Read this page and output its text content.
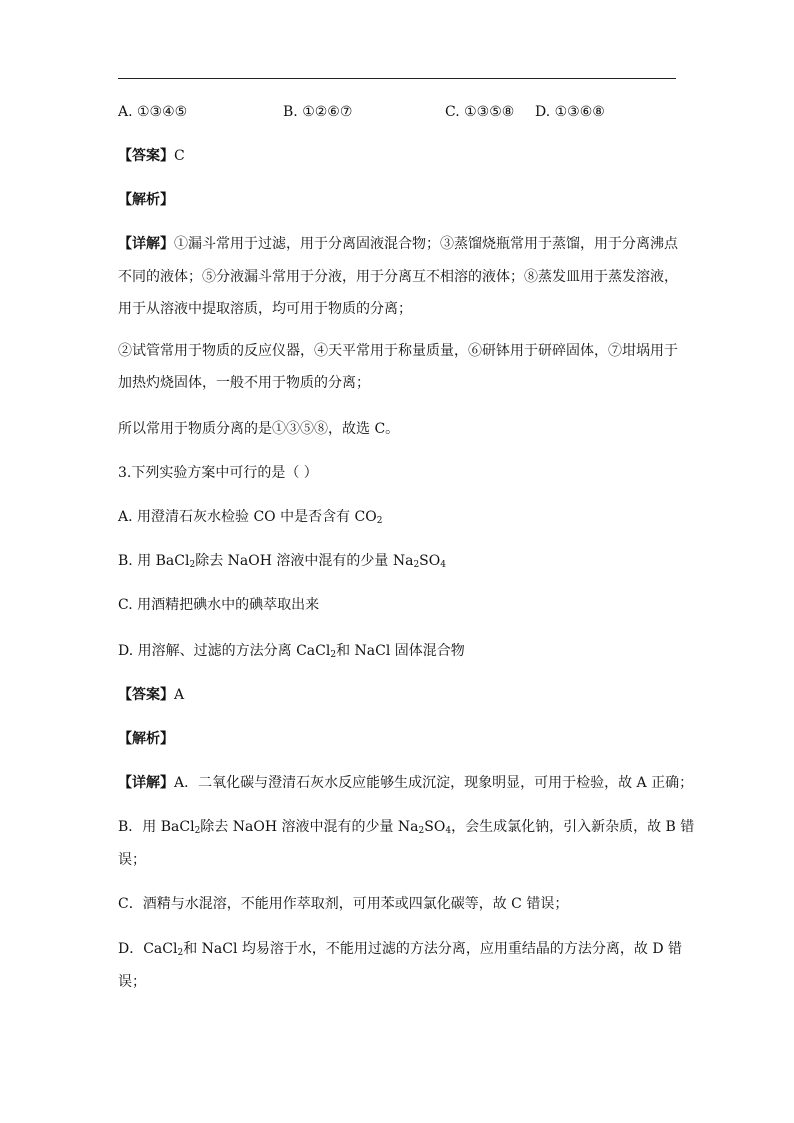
A. ①③④⑤	B. ①②⑥⑦	C. ①③⑤⑧ D. ①③⑥⑧
【答案】C
【解析】
【详解】①漏斗常用于过滤，用于分离固液混合物；③蒸馏烧瓶常用于蒸馏，用于分离沸点
不同的液体；⑤分液漏斗常用于分液，用于分离互不相溶的液体；⑧蒸发皿用于蒸发溶液，
用于从溶液中提取溶质，均可用于物质的分离；
②试管常用于物质的反应仪器，④天平常用于称量质量，⑥研钵用于研碎固体，⑦坩埚用于
加热灼烧固体，一般不用于物质的分离；
所以常用于物质分离的是①③⑤⑧，故选 C。
3.下列实验方案中可行的是（ ）
A. 用澄清石灰水检验 CO 中是否含有 $CO_2$
B. 用 BaCl$_2$除去 NaOH 溶液中混有的少量 $Na_2SO_4$
C. 用酒精把碘水中的碘萃取出来
D. 用溶解、过滤的方法分离 CaCl$_2$和 NaCl 固体混合物
【答案】A
【解析】
【详解】A．二氧化碳与澄清石灰水反应能够生成沉淀，现象明显，可用于检验，故 A 正确；
B．用 BaCl$_2$除去 NaOH 溶液中混有的少量 $Na_2SO_4$，会生成氯化钠，引入新杂质，故 B 错
误；
C．酒精与水混溶，不能用作萃取剂，可用苯或四氯化碳等，故 C 错误；
D．CaCl$_2$和 NaCl 均易溶于水，不能用过滤的方法分离，应用重结晶的方法分离，故 D 错
误；
